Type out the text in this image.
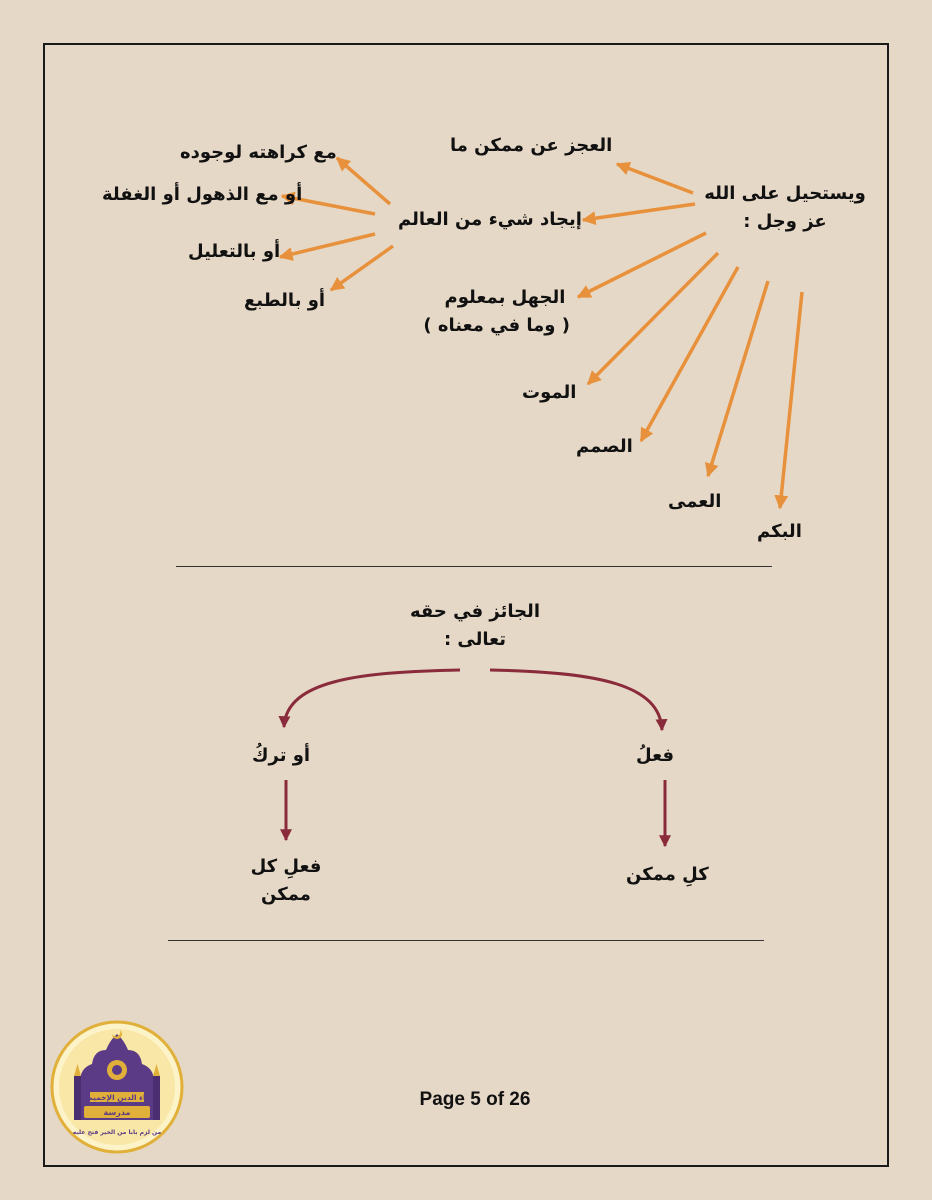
ويستحيل على الله
عز وجل :
العجز عن ممكن ما
إيجاد شيء من العالم
الجهل بمعلوم
( وما في معناه )
الموت
الصمم
العمى
البكم
مع كراهته لوجوده
أو مع الذهول أو الغفلة
أو بالتعليل
أو بالطبع
الجائز في حقه
تعالى :
فعلُ
أو تركُ
كلِ ممكن
فعلِ كل
ممكن
Page 5 of 26
بهاء الدين الإخميمي
مدرسة
من لزم بابا من الخير فتح عليه
